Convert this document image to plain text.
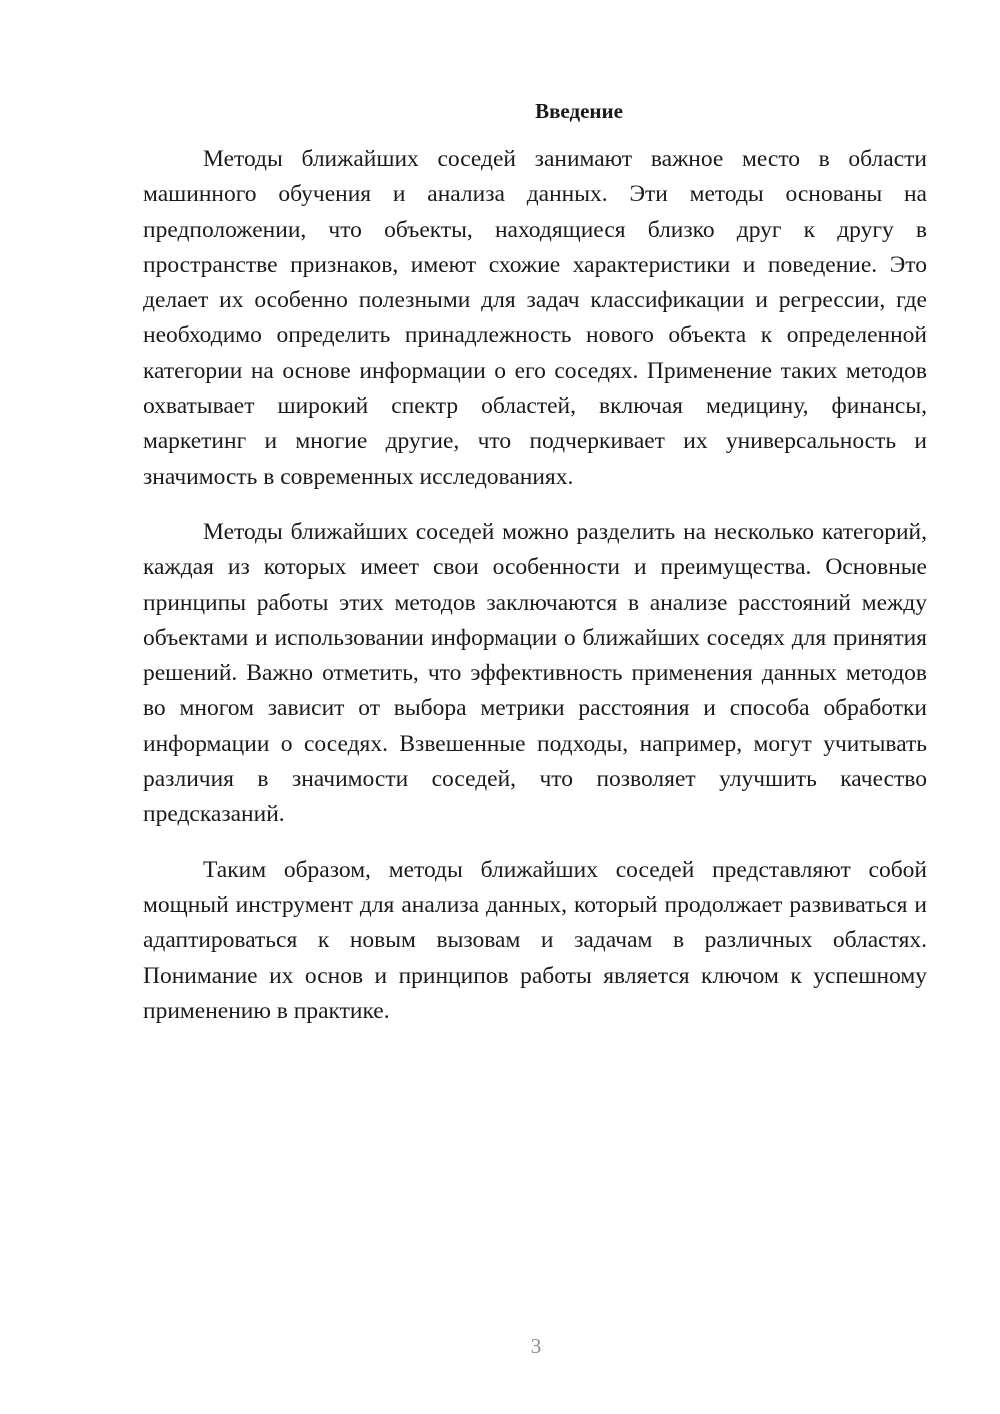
Введение

Методы ближайших соседей занимают важное место в области машинного обучения и анализа данных. Эти методы основаны на предположении, что объекты, находящиеся близко друг к другу в пространстве признаков, имеют схожие характеристики и поведение. Это делает их особенно полезными для задач классификации и регрессии, где необходимо определить принадлежность нового объекта к определенной категории на основе информации о его соседях. Применение таких методов охватывает широкий спектр областей, включая медицину, финансы, маркетинг и многие другие, что подчеркивает их универсальность и значимость в современных исследованиях.

Методы ближайших соседей можно разделить на несколько категорий, каждая из которых имеет свои особенности и преимущества. Основные принципы работы этих методов заключаются в анализе расстояний между объектами и использовании информации о ближайших соседях для принятия решений. Важно отметить, что эффективность применения данных методов во многом зависит от выбора метрики расстояния и способа обработки информации о соседях. Взвешенные подходы, например, могут учитывать различия в значимости соседей, что позволяет улучшить качество предсказаний.

Таким образом, методы ближайших соседей представляют собой мощный инструмент для анализа данных, который продолжает развиваться и адаптироваться к новым вызовам и задачам в различных областях. Понимание их основ и принципов работы является ключом к успешному применению в практике.

3
